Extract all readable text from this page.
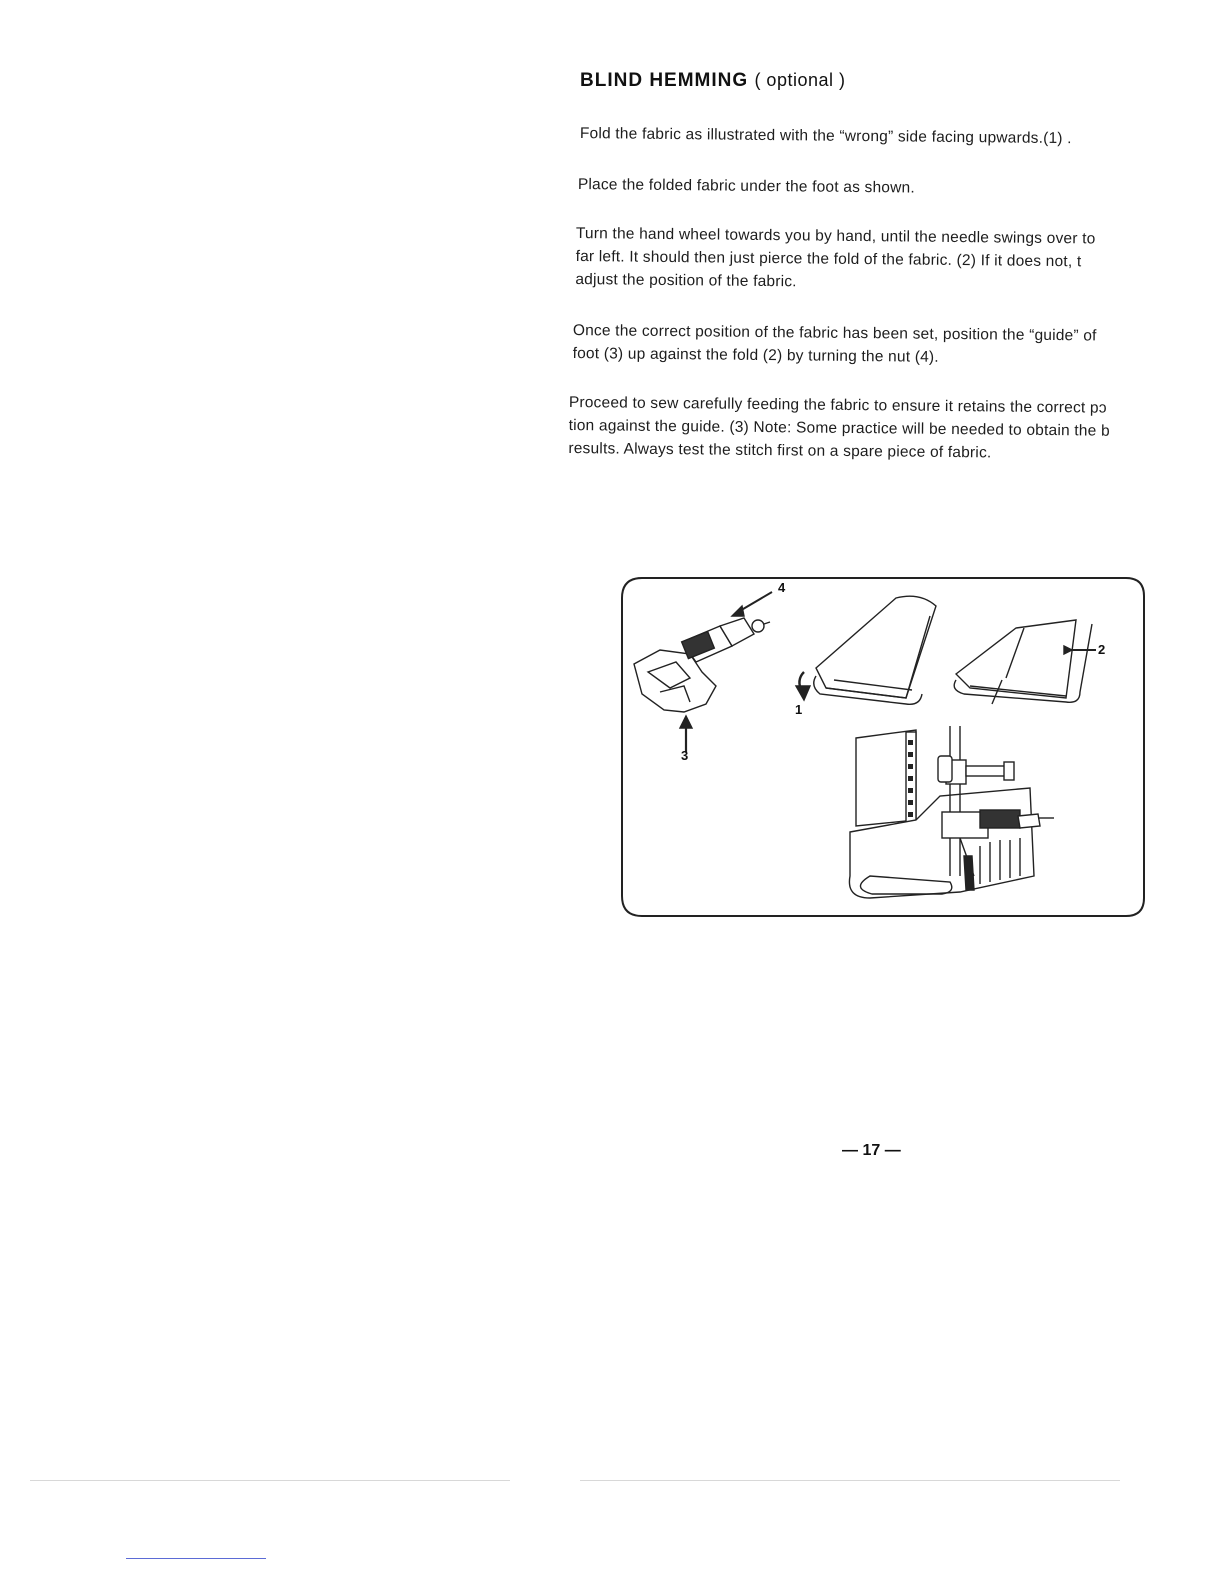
BLIND HEMMING ( optional )

Fold the fabric as illustrated with the “wrong” side facing upwards.(1) .

Place the folded fabric under the foot as shown.

Turn the hand wheel towards you by hand, until the needle swings over to
far left. It should then just pierce the fold of the fabric. (2) If it does not, t
adjust the position of the fabric.

Once the correct position of the fabric has been set, position the “guide” of
foot (3) up against the fold (2) by turning the nut (4).

Proceed to sew carefully feeding the fabric to ensure it retains the correct pɔ
tion against the guide. (3) Note: Some practice will be needed to obtain the b
results. Always test the stitch first on a spare piece of fabric.

4
2
1
3
— 17 —
